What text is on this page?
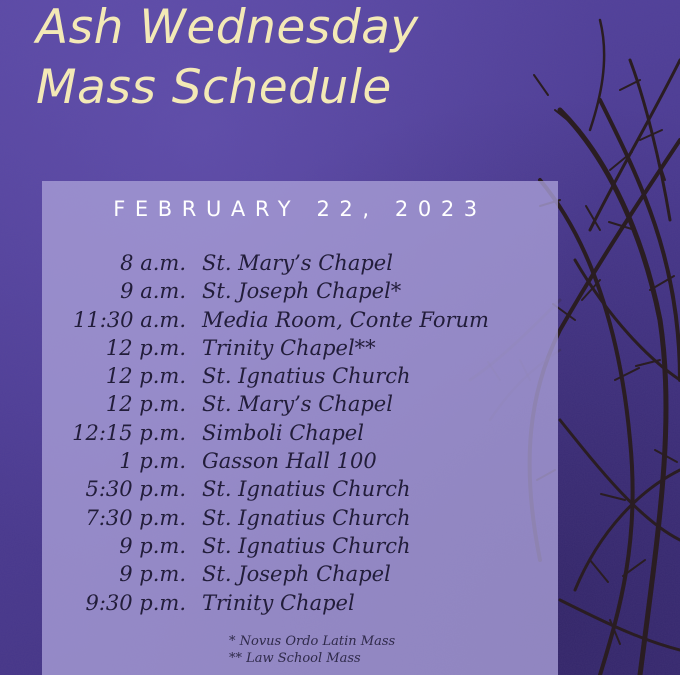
Ash Wednesday
Mass Schedule

FEBRUARY 22, 2023

8 a.m. St. Mary’s Chapel
9 a.m. St. Joseph Chapel*
11:30 a.m. Media Room, Conte Forum
12 p.m. Trinity Chapel**
12 p.m. St. Ignatius Church
12 p.m. St. Mary’s Chapel
12:15 p.m. Simboli Chapel
1 p.m. Gasson Hall 100
5:30 p.m. St. Ignatius Church
7:30 p.m. St. Ignatius Church
9 p.m. St. Ignatius Church
9 p.m. St. Joseph Chapel
9:30 p.m. Trinity Chapel
* Novus Ordo Latin Mass
** Law School Mass
